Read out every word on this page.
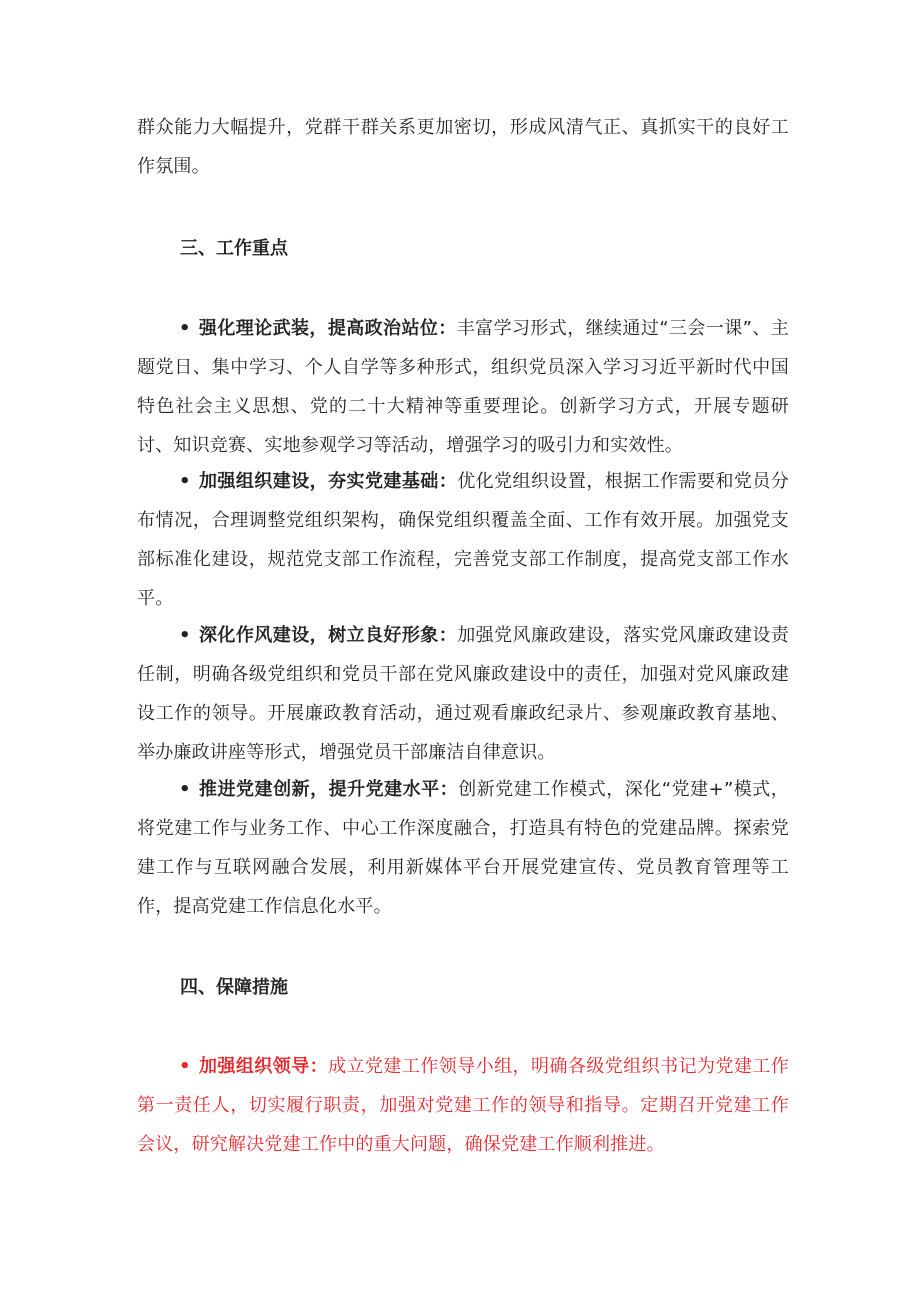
群众能力大幅提升，党群干群关系更加密切，形成风清气正、真抓实干的良好工作氛围。

三、工作重点

• 强化理论武装，提高政治站位：丰富学习形式，继续通过“三会一课”、主题党日、集中学习、个人自学等多种形式，组织党员深入学习习近平新时代中国特色社会主义思想、党的二十大精神等重要理论。创新学习方式，开展专题研讨、知识竞赛、实地参观学习等活动，增强学习的吸引力和实效性。

• 加强组织建设，夯实党建基础：优化党组织设置，根据工作需要和党员分布情况，合理调整党组织架构，确保党组织覆盖全面、工作有效开展。加强党支部标准化建设，规范党支部工作流程，完善党支部工作制度，提高党支部工作水平。

• 深化作风建设，树立良好形象：加强党风廉政建设，落实党风廉政建设责任制，明确各级党组织和党员干部在党风廉政建设中的责任，加强对党风廉政建设工作的领导。开展廉政教育活动，通过观看廉政纪录片、参观廉政教育基地、举办廉政讲座等形式，增强党员干部廉洁自律意识。

• 推进党建创新，提升党建水平：创新党建工作模式，深化“党建+”模式，将党建工作与业务工作、中心工作深度融合，打造具有特色的党建品牌。探索党建工作与互联网融合发展，利用新媒体平台开展党建宣传、党员教育管理等工作，提高党建工作信息化水平。

四、保障措施

• 加强组织领导：成立党建工作领导小组，明确各级党组织书记为党建工作第一责任人，切实履行职责，加强对党建工作的领导和指导。定期召开党建工作会议，研究解决党建工作中的重大问题，确保党建工作顺利推进。
